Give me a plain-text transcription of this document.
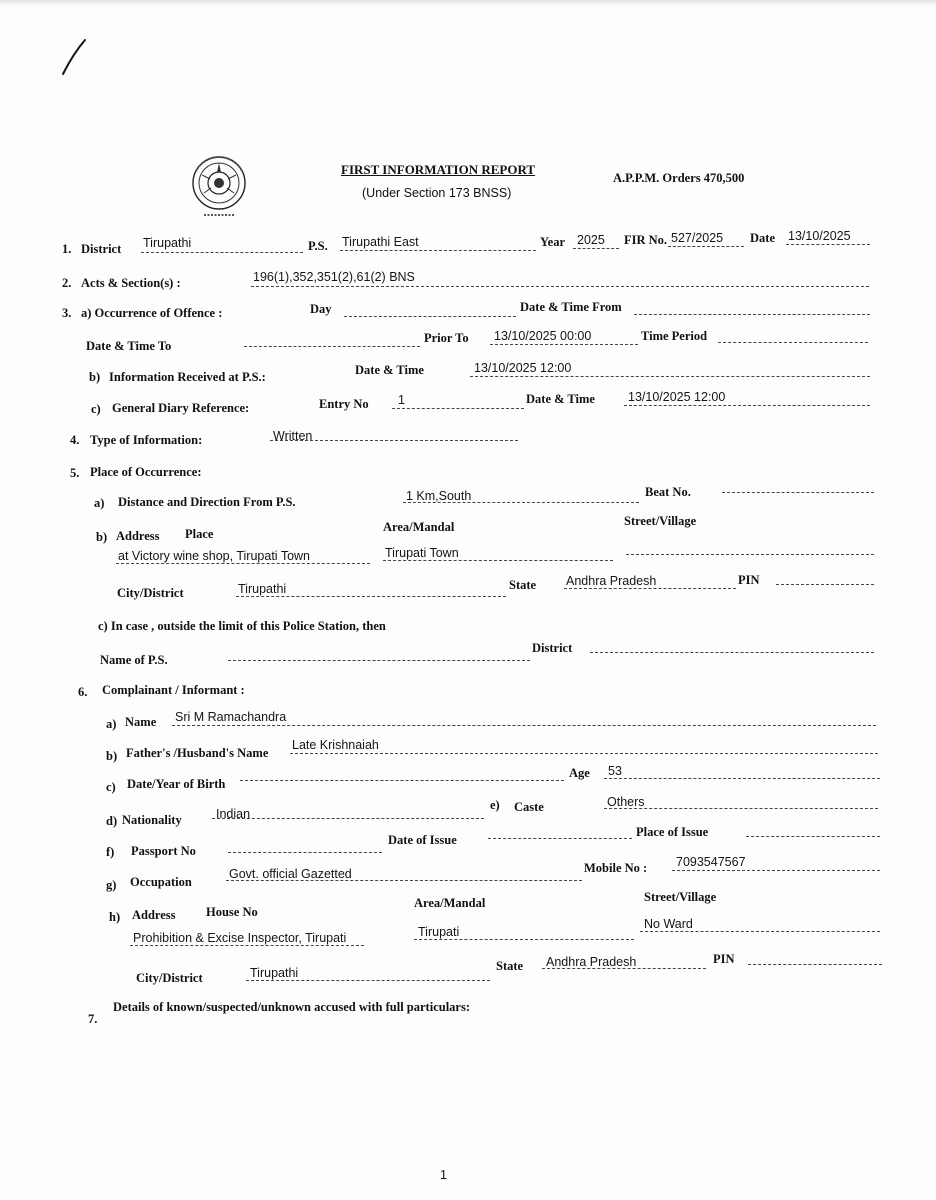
FIRST INFORMATION REPORT
(Under Section 173 BNSS)
A.P.P.M. Orders 470,500
1. District Tirupathi	P.S. Tirupathi East	Year 2025 FIR No. 527/2025 Date 13/10/2025
2. Acts & Section(s) :	196(1),352,351(2),61(2) BNS
3. a) Occurrence of Offence :	Day	Date & Time From
Date & Time To
Prior To 13/10/2025 00:00	Time Period
b) Information Received at P.S.:	Date & Time	13/10/2025 12:00
c) General Diary Reference:	Entry No 1	Date & Time	13/10/2025 12:00
4. Type of Information:	Written
5. Place of Occurrence:
a) Distance and Direction From P.S.	1 Km,South	Beat No.
b) Address Place	Area/Mandal	Street/Village
at Victory wine shop, Tirupati Town	Tirupati Town
City/District	Tirupathi	State Andhra Pradesh	PIN
c) In case , outside the limit of this Police Station, then
Name of P.S.
District
6. Complainant / Informant :
a) Name Sri M Ramachandra
b) Father's /Husband's Name
Late Krishnaiah
c) Date/Year of Birth
Age 53
d) Nationality	Indian
e) Caste	Others
f) Passport No
Date of Issue
Place of Issue
g) Occupation
Govt. official Gazetted	Mobile No : 7093547567
h) Address House No
Area/Mandal	Street/Village
Prohibition & Excise Inspector, Tirupati	Tirupati
No Ward
City/District	Tirupathi	State Andhra Pradesh	PIN
7.
Details of known/suspected/unknown accused with full particulars:
1
